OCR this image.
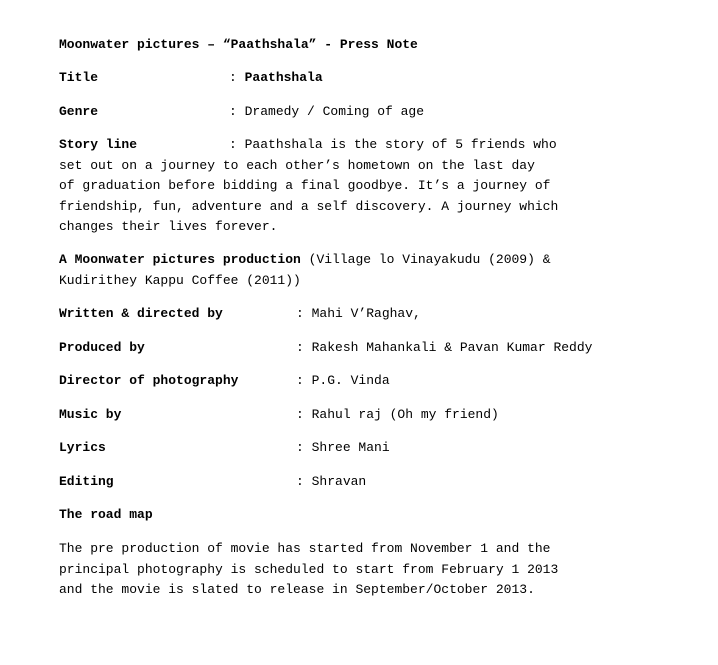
Moonwater pictures – “Paathshala” - Press Note
Title	: Paathshala
Genre	: Dramedy / Coming of age
Story line	: Paathshala is the story of 5 friends who
set out on a journey to each other’s hometown on the last day
of graduation before bidding a final goodbye. It’s a journey of
friendship, fun, adventure and a self discovery. A journey which
changes their lives forever.
A Moonwater pictures production (Village lo Vinayakudu (2009) &
Kudirithey Kappu Coffee (2011))
Written & directed by	: Mahi V’Raghav,
Produced by	: Rakesh Mahankali & Pavan Kumar Reddy
Director of photography	: P.G. Vinda
Music by	: Rahul raj (Oh my friend)
Lyrics	: Shree Mani
Editing	: Shravan
The road map
The pre production of movie has started from November 1 and the
principal photography is scheduled to start from February 1 2013
and the movie is slated to release in September/October 2013.
